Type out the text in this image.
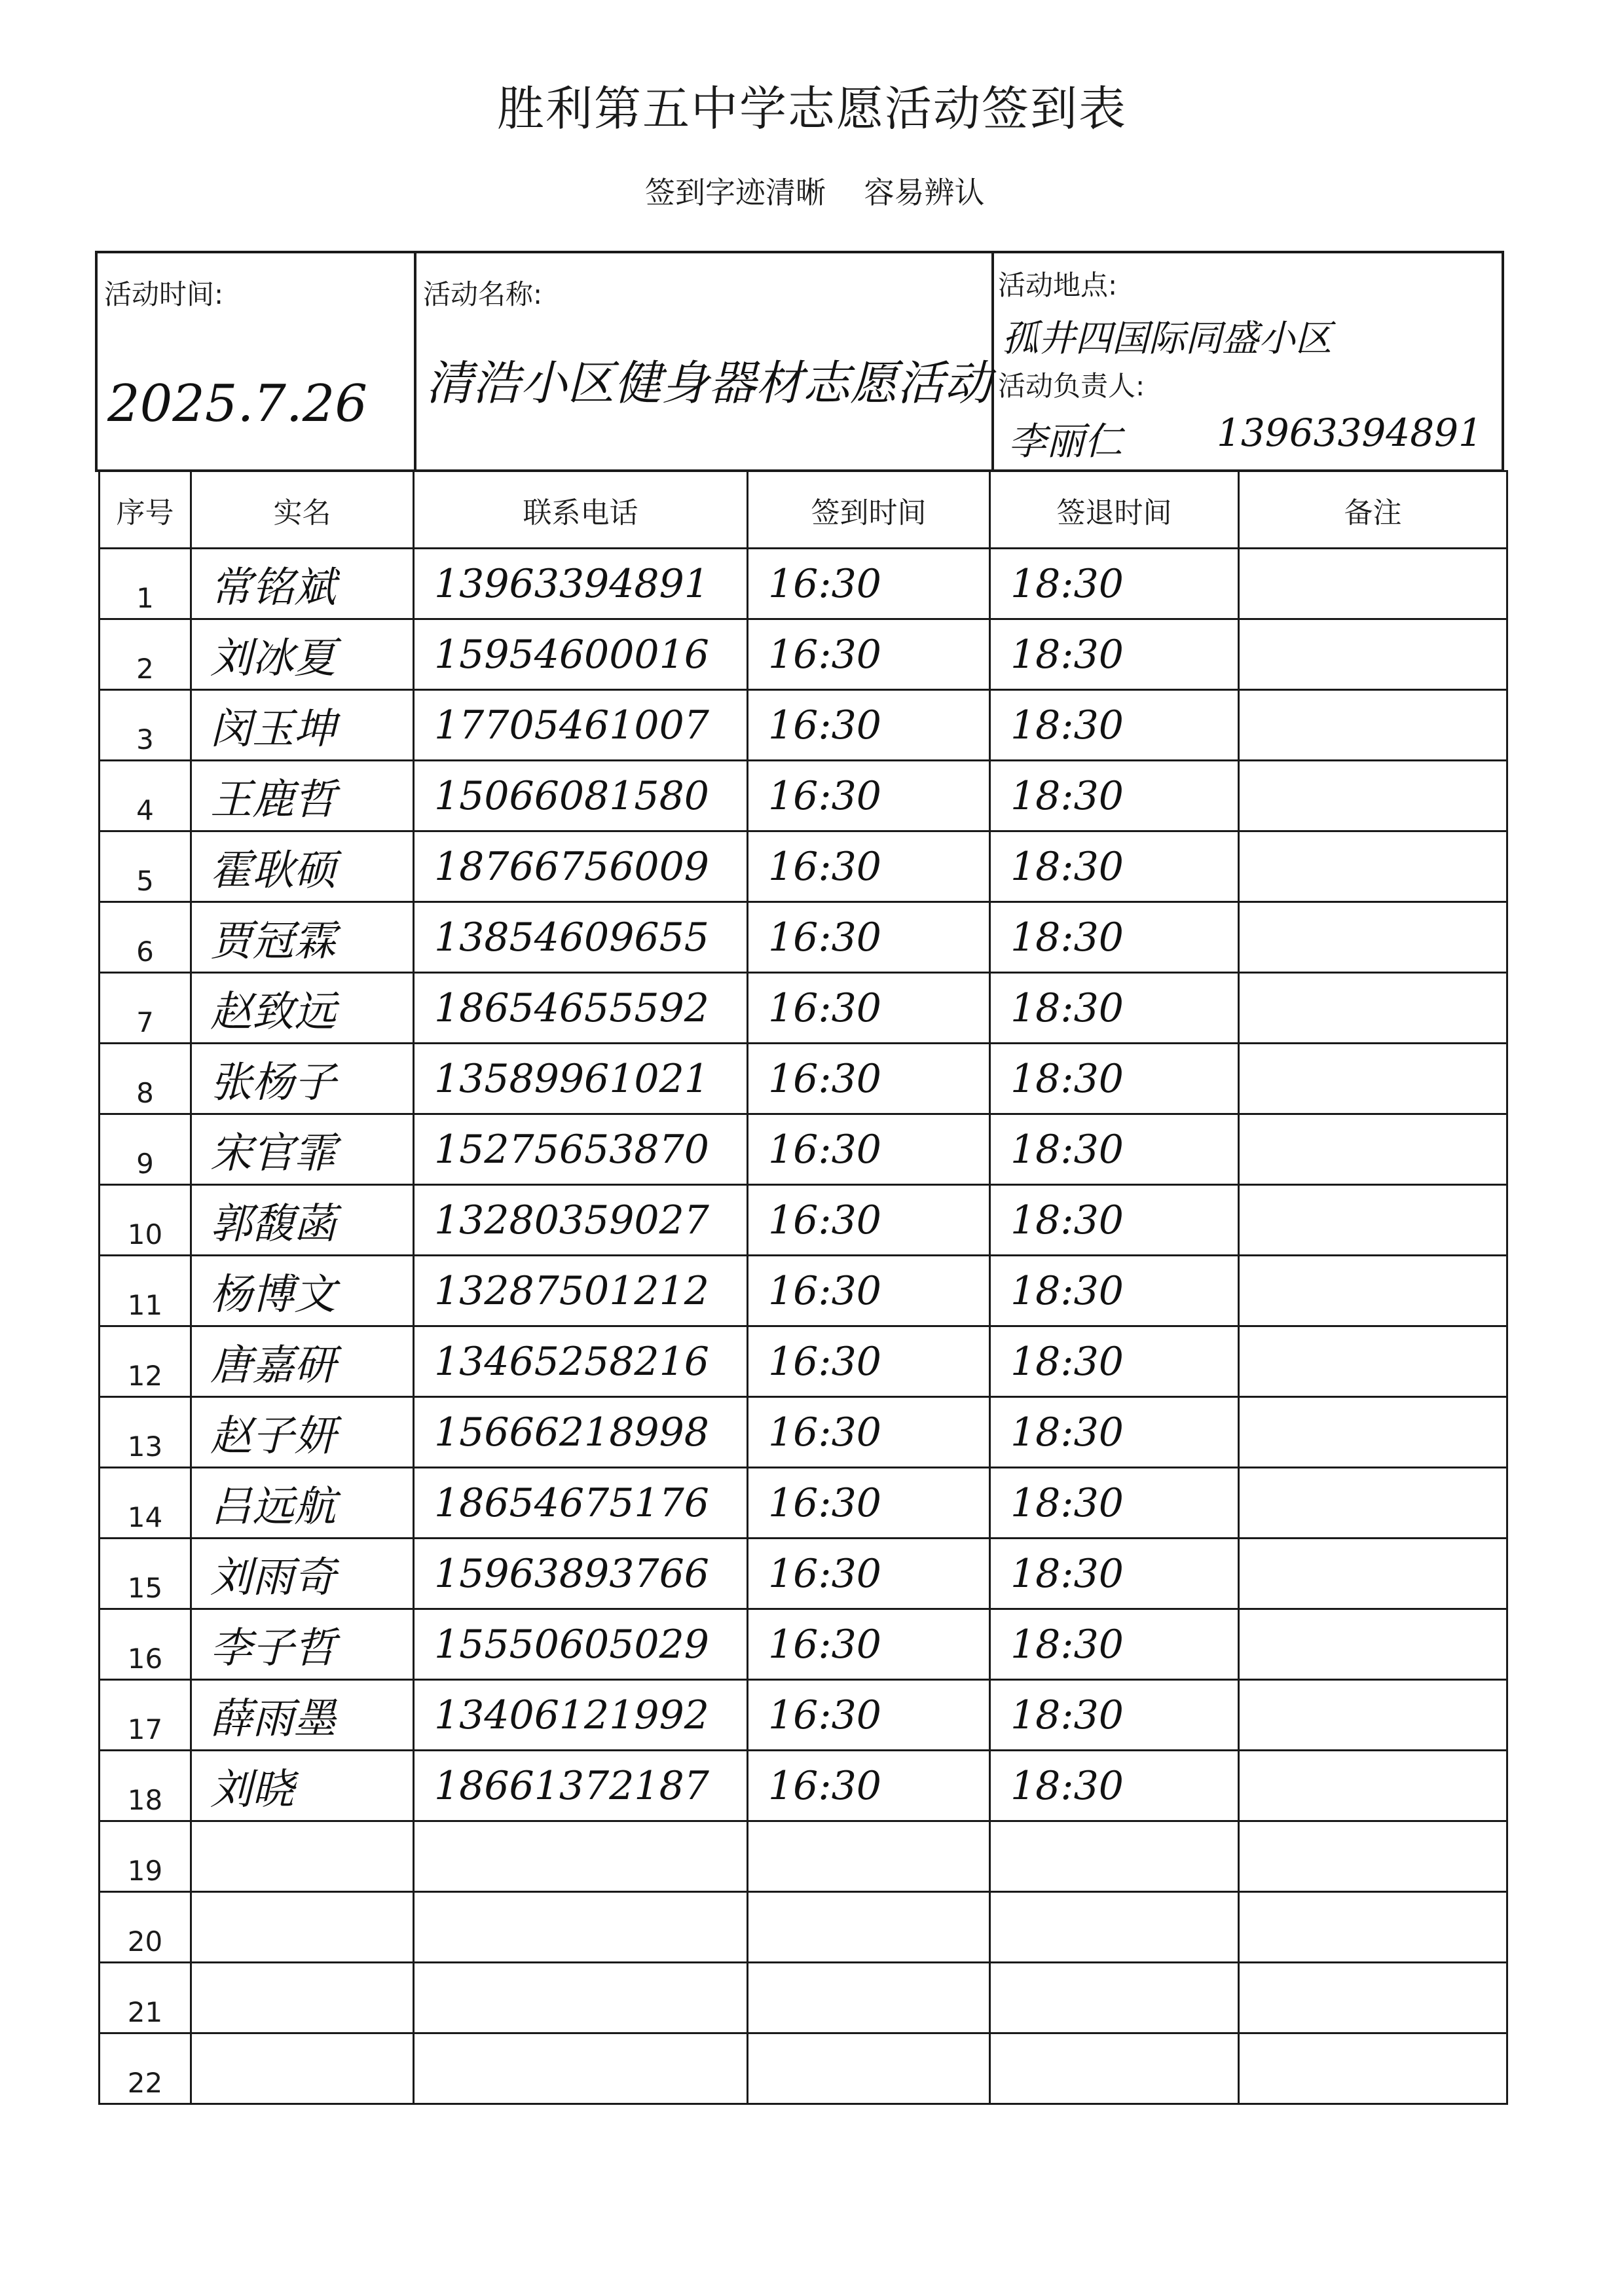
胜利第五中学志愿活动签到表
签到字迹清晰    容易辨认
活动时间:
2025.7.26
活动名称:
清浩小区健身器材志愿活动
活动地点:
孤井四国际同盛小区
活动负责人:
李丽仁 13963394891
序号	实名	联系电话	签到时间	签退时间	备注
1	常铭斌	13963394891	16:30	18:30	
2	刘冰夏	15954600016	16:30	18:30	
3	闵玉坤	17705461007	16:30	18:30	
4	王鹿哲	15066081580	16:30	18:30	
5	霍耿硕	18766756009	16:30	18:30	
6	贾冠霖	13854609655	16:30	18:30	
7	赵致远	18654655592	16:30	18:30	
8	张杨子	13589961021	16:30	18:30	
9	宋官霏	15275653870	16:30	18:30	
10	郭馥菡	13280359027	16:30	18:30	
11	杨博文	13287501212	16:30	18:30	
12	唐嘉研	13465258216	16:30	18:30	
13	赵子妍	15666218998	16:30	18:30	
14	吕远航	18654675176	16:30	18:30	
15	刘雨奇	15963893766	16:30	18:30	
16	李子哲	15550605029	16:30	18:30	
17	薛雨墨	13406121992	16:30	18:30	
18	刘晓	18661372187	16:30	18:30	
19					
20					
21					
22					
